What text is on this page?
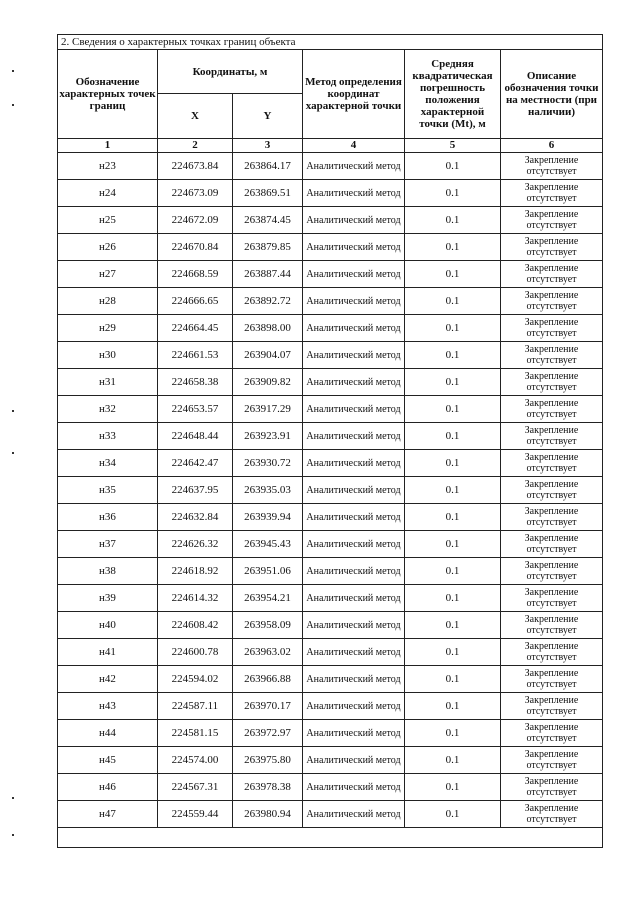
2. Сведения о характерных точках границ объекта					
Обозначение характерных точек границ	Координаты, м		Метод определения координат характерной точки	Средняя квадратическая погрешность положения характерной точки (Mt), м	Описание обозначения точки на местности (при наличии)
	X	Y			
1	2	3	4	5	6
н23	224673.84	263864.17	Аналитический метод	0.1	Закрепление отсутствует
н24	224673.09	263869.51	Аналитический метод	0.1	Закрепление отсутствует
н25	224672.09	263874.45	Аналитический метод	0.1	Закрепление отсутствует
н26	224670.84	263879.85	Аналитический метод	0.1	Закрепление отсутствует
н27	224668.59	263887.44	Аналитический метод	0.1	Закрепление отсутствует
н28	224666.65	263892.72	Аналитический метод	0.1	Закрепление отсутствует
н29	224664.45	263898.00	Аналитический метод	0.1	Закрепление отсутствует
н30	224661.53	263904.07	Аналитический метод	0.1	Закрепление отсутствует
н31	224658.38	263909.82	Аналитический метод	0.1	Закрепление отсутствует
н32	224653.57	263917.29	Аналитический метод	0.1	Закрепление отсутствует
н33	224648.44	263923.91	Аналитический метод	0.1	Закрепление отсутствует
н34	224642.47	263930.72	Аналитический метод	0.1	Закрепление отсутствует
н35	224637.95	263935.03	Аналитический метод	0.1	Закрепление отсутствует
н36	224632.84	263939.94	Аналитический метод	0.1	Закрепление отсутствует
н37	224626.32	263945.43	Аналитический метод	0.1	Закрепление отсутствует
н38	224618.92	263951.06	Аналитический метод	0.1	Закрепление отсутствует
н39	224614.32	263954.21	Аналитический метод	0.1	Закрепление отсутствует
н40	224608.42	263958.09	Аналитический метод	0.1	Закрепление отсутствует
н41	224600.78	263963.02	Аналитический метод	0.1	Закрепление отсутствует
н42	224594.02	263966.88	Аналитический метод	0.1	Закрепление отсутствует
н43	224587.11	263970.17	Аналитический метод	0.1	Закрепление отсутствует
н44	224581.15	263972.97	Аналитический метод	0.1	Закрепление отсутствует
н45	224574.00	263975.80	Аналитический метод	0.1	Закрепление отсутствует
н46	224567.31	263978.38	Аналитический метод	0.1	Закрепление отсутствует
н47	224559.44	263980.94	Аналитический метод	0.1	Закрепление отсутствует
